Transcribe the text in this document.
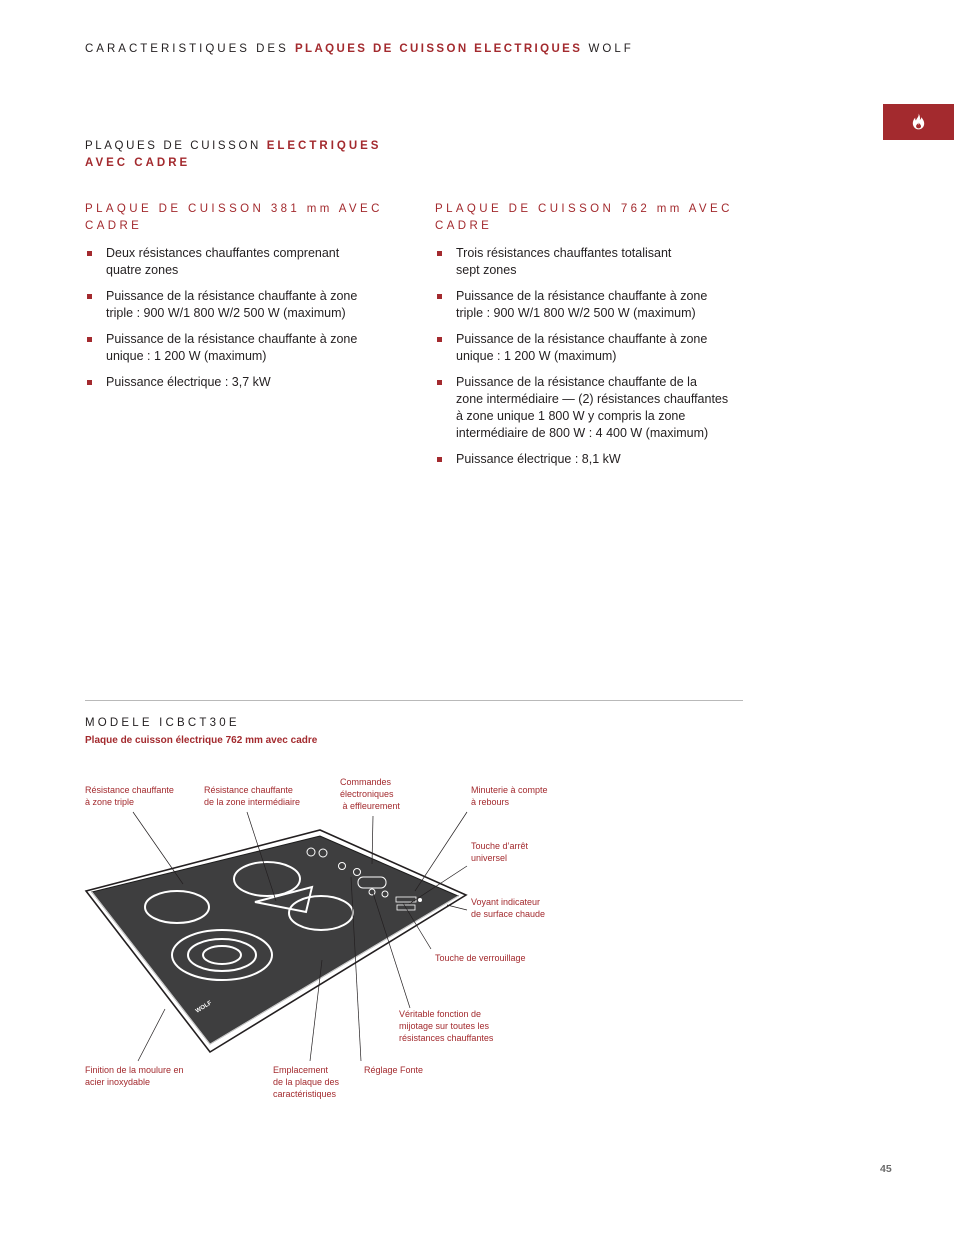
CARACTERISTIQUES DES PLAQUES DE CUISSON ELECTRIQUES WOLF
PLAQUES DE CUISSON ELECTRIQUES
AVEC CADRE
PLAQUE DE CUISSON 381 mm AVEC
CADRE
Deux résistances chauffantes comprenant
quatre zones
Puissance de la résistance chauffante à zone
triple : 900 W/1 800 W/2 500 W (maximum)
Puissance de la résistance chauffante à zone
unique : 1 200 W (maximum)
Puissance électrique : 3,7 kW
PLAQUE DE CUISSON 762 mm AVEC
CADRE
Trois résistances chauffantes totalisant
sept zones
Puissance de la résistance chauffante à zone
triple : 900 W/1 800 W/2 500 W (maximum)
Puissance de la résistance chauffante à zone
unique : 1 200 W (maximum)
Puissance de la résistance chauffante de la
zone intermédiaire — (2) résistances chauffantes
à zone unique 1 800 W y compris la zone
intermédiaire de 800 W : 4 400 W (maximum)
Puissance électrique : 8,1 kW
MODELE ICBCT30E
Plaque de cuisson électrique 762 mm avec cadre
WOLF
Résistance chauffante
à zone triple
Résistance chauffante
de la zone intermédiaire
Commandes
électroniques
à effleurement
Minuterie à compte
à rebours
Touche d’arrêt
universel
Voyant indicateur
de surface chaude
Touche de verrouillage
Véritable fonction de
mijotage sur toutes les
résistances chauffantes
Finition de la moulure en
acier inoxydable
Emplacement
de la plaque des
caractéristiques
Réglage Fonte
45
